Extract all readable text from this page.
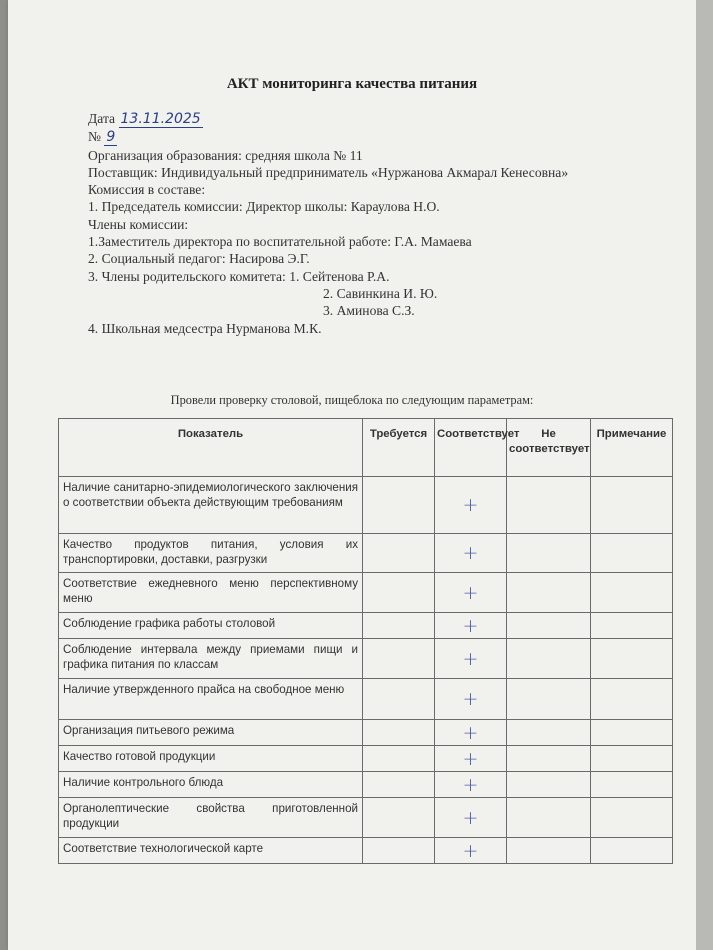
АКТ мониторинга качества питания
Дата 13.11.2025
№ 9
Организация образования: средняя школа № 11
Поставщик: Индивидуальный предприниматель «Нуржанова Акмарал Кенесовна»
Комиссия в составе:
1. Председатель комиссии: Директор школы: Караулова Н.О.
Члены комиссии:
1.Заместитель директора по воспитательной работе: Г.А. Мамаева
2. Социальный педагог: Насирова Э.Г.
3. Члены родительского комитета: 1. Сейтенова Р.А.
2. Савинкина И. Ю.
3. Аминова С.З.
4. Школьная медсестра Нурманова М.К.
Провели проверку столовой, пищеблока по следующим параметрам:
Показатель	Требуется	Соответствует	Не соответствует	Примечание
Наличие санитарно-эпидемиологического заключения о соответствии объекта действующим требованиям		+		
Качество продуктов питания, условия их транспортировки, доставки, разгрузки		+		
Соответствие ежедневного меню перспективному меню		+		
Соблюдение графика работы столовой		+		
Соблюдение интервала между приемами пищи и графика питания по классам		+		
Наличие утвержденного прайса на свободное меню		+		
Организация питьевого режима		+		
Качество готовой продукции		+		
Наличие контрольного блюда		+		
Органолептические свойства приготовленной продукции		+		
Соответствие технологической карте		+		
